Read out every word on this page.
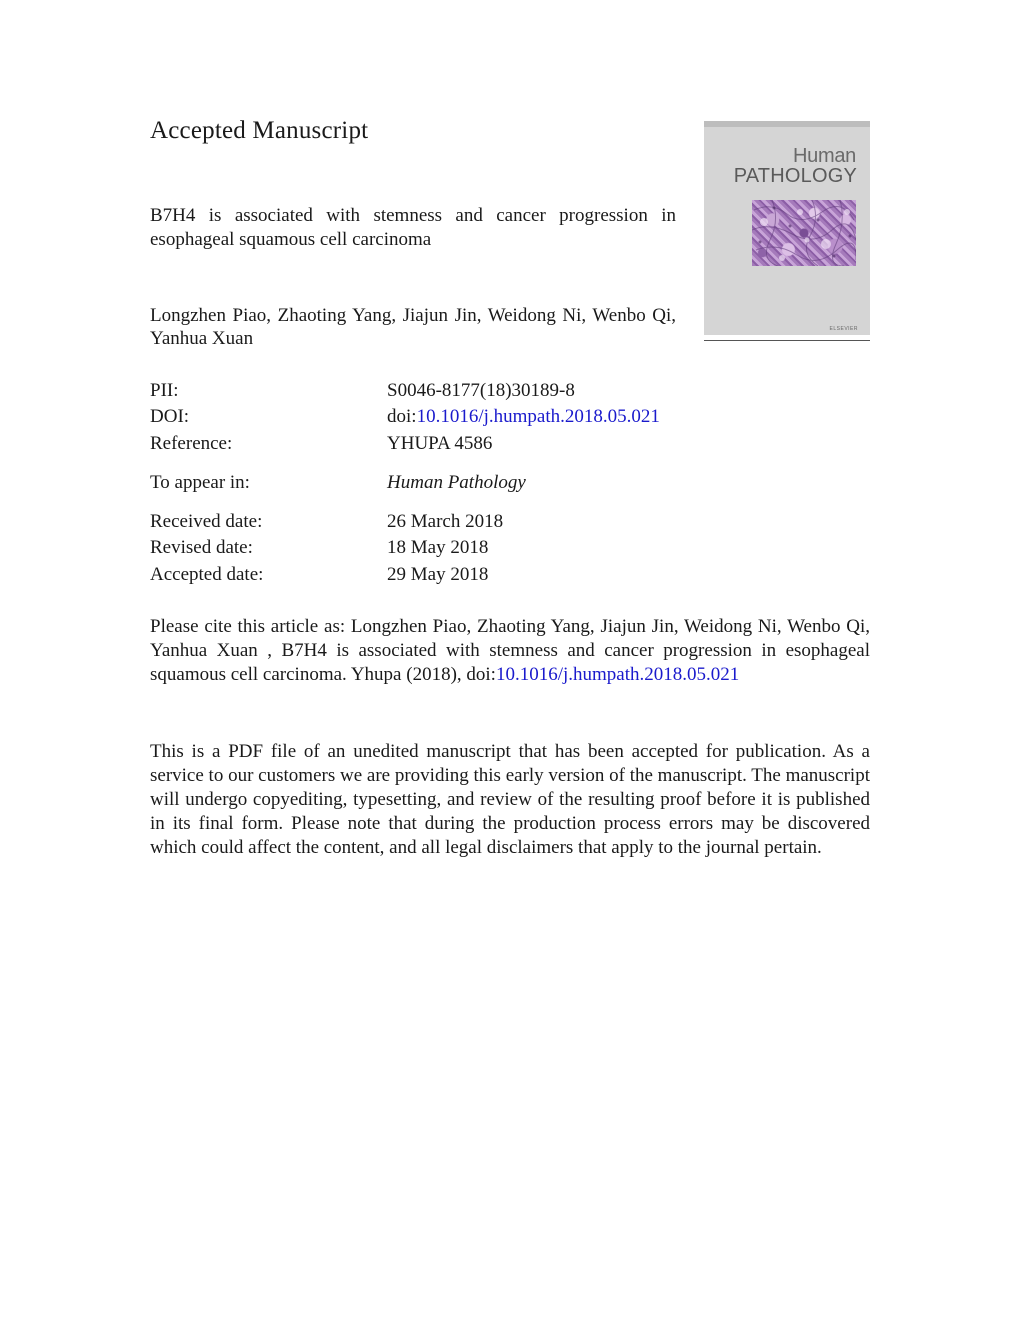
Accepted Manuscript
Human
PATHOLOGY
ELSEVIER

B7H4 is associated with stemness and cancer progression in esophageal squamous cell carcinoma

Longzhen Piao, Zhaoting Yang, Jiajun Jin, Weidong Ni, Wenbo Qi, Yanhua Xuan

PII:	S0046-8177(18)30189-8
DOI:	doi:10.1016/j.humpath.2018.05.021
Reference:	YHUPA 4586
To appear in:	Human Pathology
Received date:	26 March 2018
Revised date:	18 May 2018
Accepted date:	29 May 2018

Please cite this article as: Longzhen Piao, Zhaoting Yang, Jiajun Jin, Weidong Ni, Wenbo Qi, Yanhua Xuan , B7H4 is associated with stemness and cancer progression in esophageal squamous cell carcinoma. Yhupa (2018), doi:10.1016/j.humpath.2018.05.021

This is a PDF file of an unedited manuscript that has been accepted for publication. As a service to our customers we are providing this early version of the manuscript. The manuscript will undergo copyediting, typesetting, and review of the resulting proof before it is published in its final form. Please note that during the production process errors may be discovered which could affect the content, and all legal disclaimers that apply to the journal pertain.
